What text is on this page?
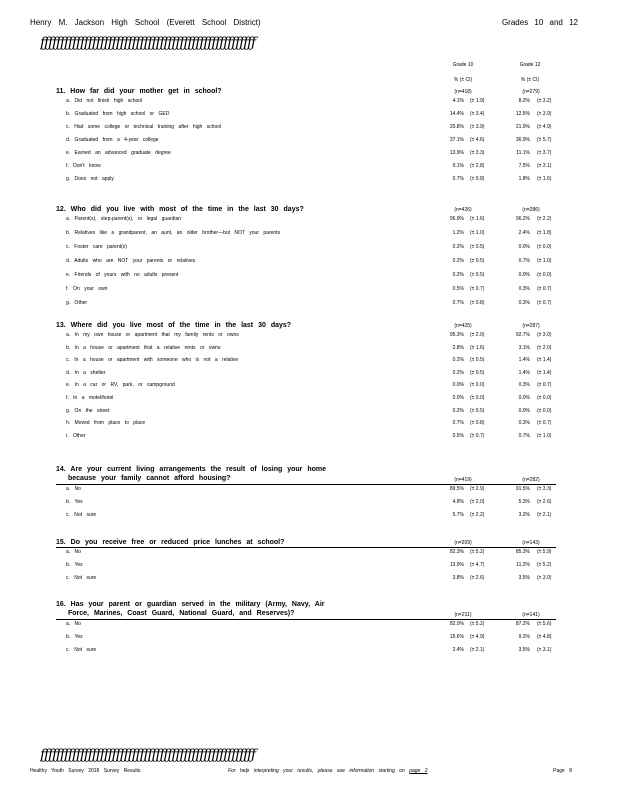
Henry M. Jackson High School (Everett School District)	Grades 10 and 12
ƒƒƒƒƒƒƒƒƒƒƒƒƒƒƒƒƒƒƒƒƒƒƒƒƒƒƒƒƒƒƒƒƒƒƒƒƒƒƒƒƒƒƒƒƒƒƒƒƒƒƒƒƒƒ
Grade 10
% (± CI)
Grade 12
% (± CI)
11. How far did your mother get in school?	(n=418)	(n=279)
a. Did not finish high school	4.1% (± 1.9)	8.2% (± 3.2)
b. Graduated from high school or GED	14.4% (± 3.4)	12.5% (± 3.9)
c. Had some college or technical training after high school	20.8% (± 3.9)	21.9% (± 4.9)
d. Graduated from a 4-year college	37.1% (± 4.6)	36.9% (± 5.7)
e. Earned an advanced graduate degree	13.9% (± 3.3)	11.1% (± 3.7)
f. Don't know	9.1% (± 2.8)	7.5% (± 3.1)
g. Does not apply	0.7% (± 0.8)	1.8% (± 1.6)
12. Who did you live with most of the time in the last 30 days?	(n=426)	(n=286)
a. Parent(s), step-parent(s), or legal guardian	96.9% (± 1.6)	96.2% (± 2.2)
b. Relatives like a grandparent, an aunt, an older brother—but NOT your parents	1.2% (± 1.0)	2.4% (± 1.8)
c. Foster care parent(s)	0.2% (± 0.5)	0.0% (± 0.0)
d. Adults who are NOT your parents or relatives	0.2% (± 0.5)	0.7% (± 1.0)
e. Friends of yours with no adults present	0.2% (± 0.5)	0.0% (± 0.0)
f. On your own	0.5% (± 0.7)	0.3% (± 0.7)
g. Other	0.7% (± 0.8)	0.3% (± 0.7)
13. Where did you live most of the time in the last 30 days?	(n=425)	(n=287)
a. In my own house or apartment that my family rents or owns	95.3% (± 2.0)	92.7% (± 3.0)
b. In a house or apartment that a relative rents or owns	2.8% (± 1.6)	3.1% (± 2.0)
c. In a house or apartment with someone who is not a relative	0.2% (± 0.5)	1.4% (± 1.4)
d. In a shelter	0.2% (± 0.5)	1.4% (± 1.4)
e. In a car or RV, park, or campground	0.0% (± 0.0)	0.3% (± 0.7)
f. In a motel/hotel	0.0% (± 0.0)	0.0% (± 0.0)
g. On the street	0.2% (± 0.5)	0.0% (± 0.0)
h. Moved from place to place	0.7% (± 0.8)	0.3% (± 0.7)
i. Other	0.5% (± 0.7)	0.7% (± 1.0)
14. Are your current living arrangements the result of losing your home
because your family cannot afford housing?	(n=419)	(n=282)
a. No	89.5% (± 2.9)	91.5% (± 3.3)
b. Yes	4.8% (± 2.0)	5.3% (± 2.6)
c. Not sure	5.7% (± 2.2)	3.2% (± 2.1)
15. Do you receive free or reduced price lunches at school?	(n=209)	(n=143)
a. No	82.3% (± 5.2)	85.3% (± 5.9)
b. Yes	13.9% (± 4.7)	11.2% (± 5.2)
c. Not sure	3.8% (± 2.6)	3.5% (± 3.0)
16. Has your parent or guardian served in the military (Army, Navy, Air
Force, Marines, Coast Guard, National Guard, and Reserves)?	(n=211)	(n=141)
a. No	82.0% (± 5.2)	87.2% (± 5.6)
b. Yes	15.6% (± 4.9)	9.2% (± 4.8)
c. Not sure	2.4% (± 2.1)	3.5% (± 3.1)
ƒƒƒƒƒƒƒƒƒƒƒƒƒƒƒƒƒƒƒƒƒƒƒƒƒƒƒƒƒƒƒƒƒƒƒƒƒƒƒƒƒƒƒƒƒƒƒƒƒƒƒƒƒƒ
Healthy Youth Survey 2018 Survey Results	For help interpreting your results, please see information starting on page 2	Page 8
